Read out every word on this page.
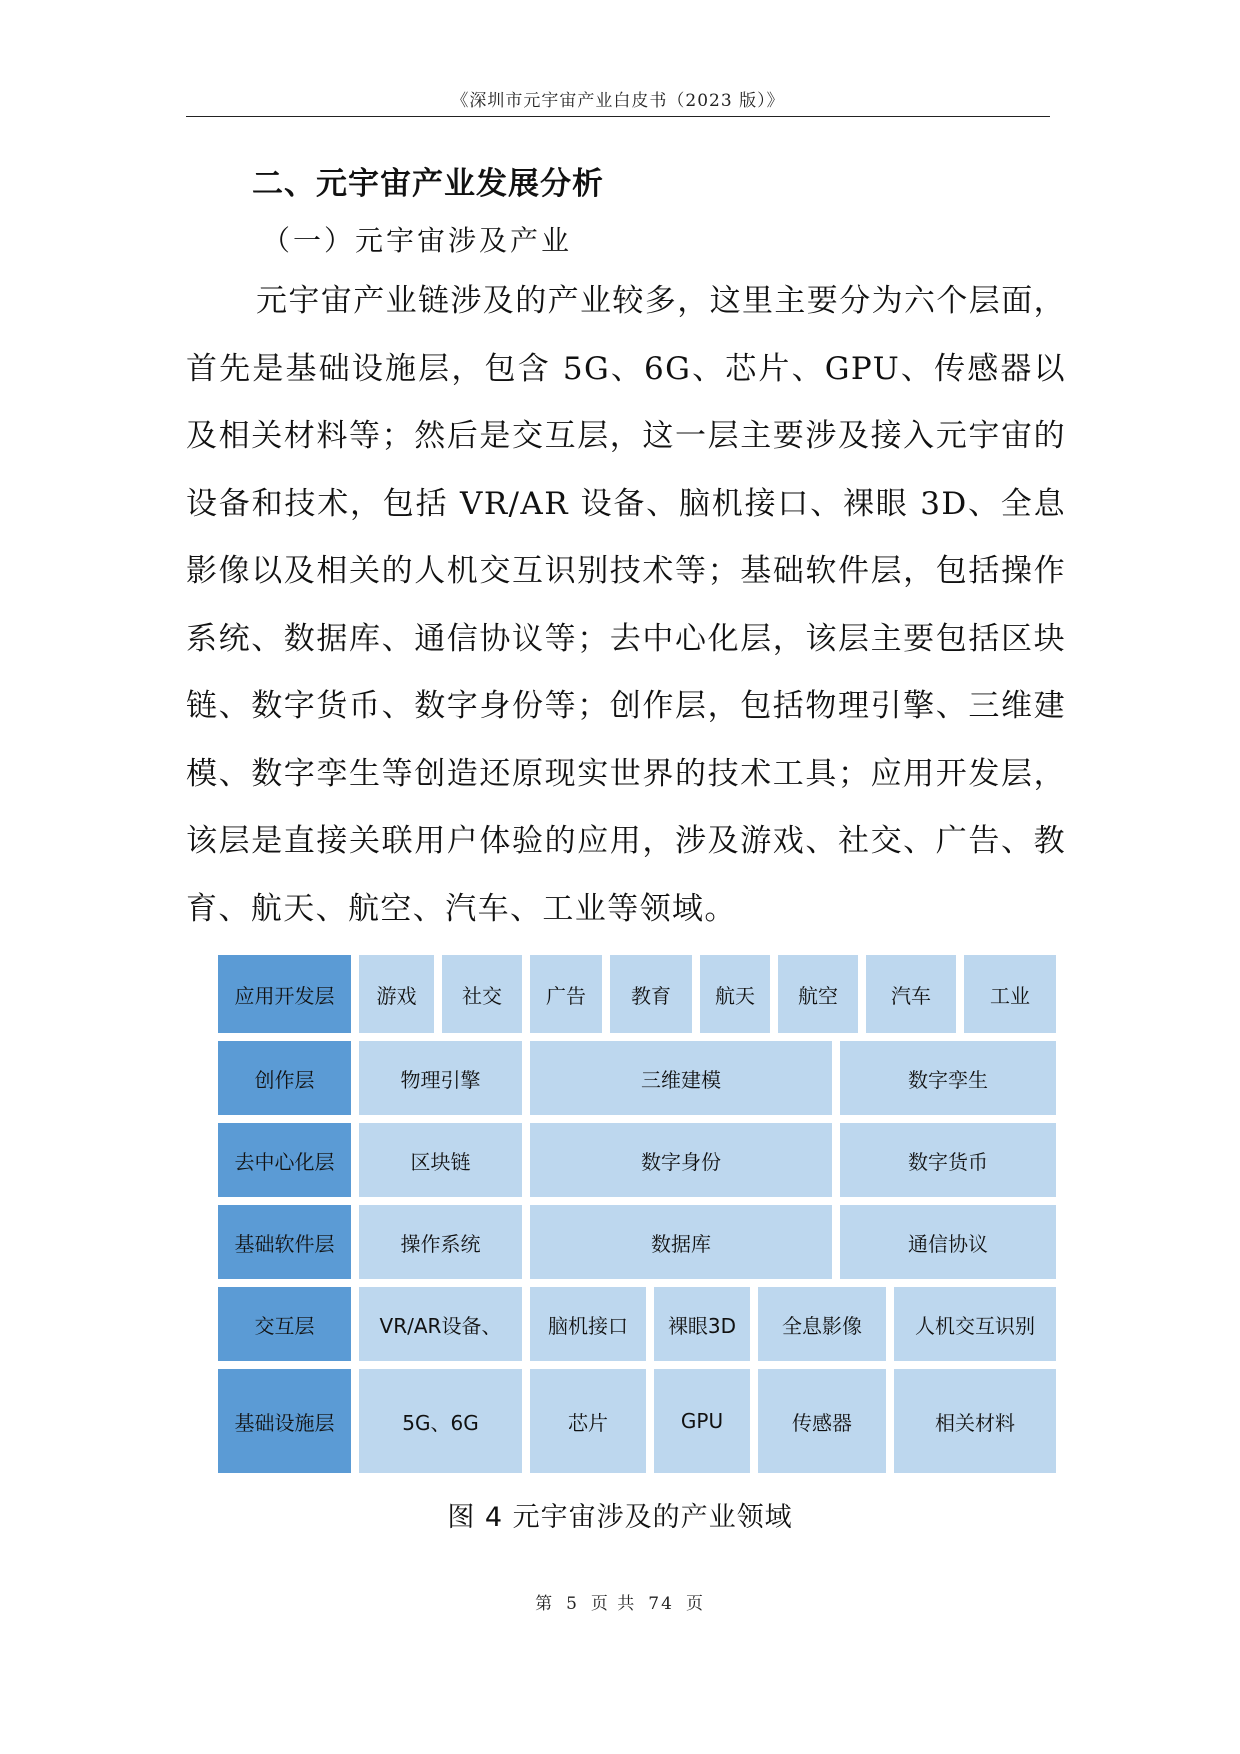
《深圳市元宇宙产业白皮书（2023 版）》
二、元宇宙产业发展分析
（一）元宇宙涉及产业

元宇宙产业链涉及的产业较多，这里主要分为六个层面，首先是基础设施层，包含 5G、6G、芯片、GPU、传感器以及相关材料等；然后是交互层，这一层主要涉及接入元宇宙的设备和技术，包括 VR/AR 设备、脑机接口、裸眼 3D、全息影像以及相关的人机交互识别技术等；基础软件层，包括操作系统、数据库、通信协议等；去中心化层，该层主要包括区块链、数字货币、数字身份等；创作层，包括物理引擎、三维建模、数字孪生等创造还原现实世界的技术工具；应用开发层，该层是直接关联用户体验的应用，涉及游戏、社交、广告、教育、航天、航空、汽车、工业等领域。

应用开发层	游戏	社交	广告	教育	航天	航空	汽车	工业
创作层	物理引擎	三维建模	数字孪生
去中心化层	区块链	数字身份	数字货币
基础软件层	操作系统	数据库	通信协议
交互层	VR/AR设备、	脑机接口	裸眼3D	全息影像	人机交互识别
基础设施层	5G、6G	芯片	GPU	传感器	相关材料
图 4 元宇宙涉及的产业领域
第 5 页 共 74 页
